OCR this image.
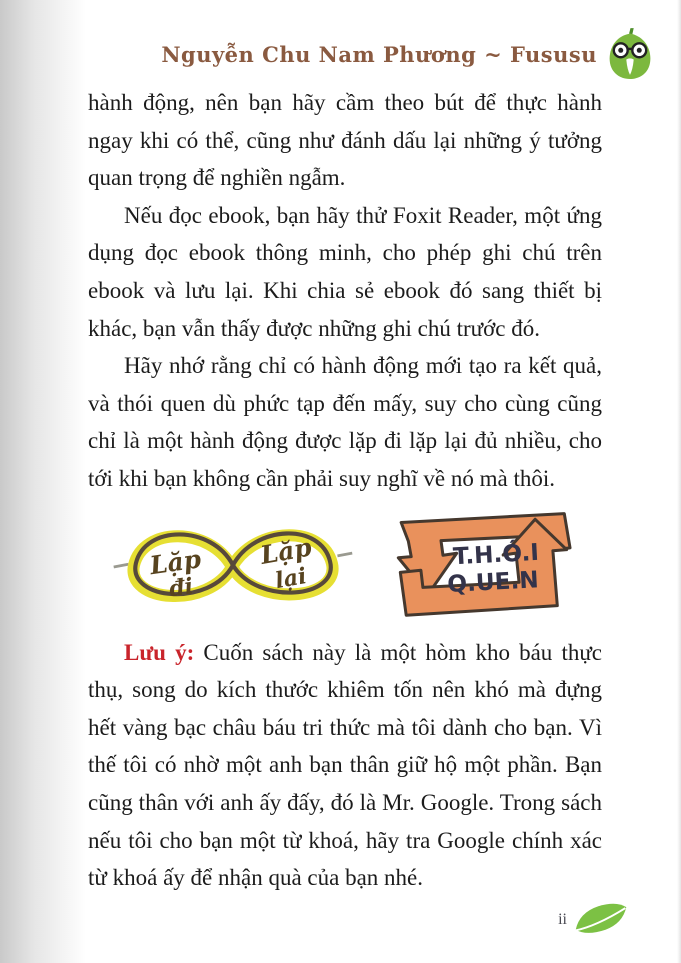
Nguyễn Chu Nam Phương ~ Fususu

hành động, nên bạn hãy cầm theo bút để thực hành ngay khi có thể, cũng như đánh dấu lại những ý tưởng quan trọng để nghiền ngẫm.

Nếu đọc ebook, bạn hãy thử Foxit Reader, một ứng dụng đọc ebook thông minh, cho phép ghi chú trên ebook và lưu lại. Khi chia sẻ ebook đó sang thiết bị khác, bạn vẫn thấy được những ghi chú trước đó.

Hãy nhớ rằng chỉ có hành động mới tạo ra kết quả, và thói quen dù phức tạp đến mấy, suy cho cùng cũng chỉ là một hành động được lặp đi lặp lại đủ nhiều, cho tới khi bạn không cần phải suy nghĩ về nó mà thôi.

Lặp
đi
Lặp
lại
T.H.Ó.I
Q.UE.N

Lưu ý: Cuốn sách này là một hòm kho báu thực thụ, song do kích thước khiêm tốn nên khó mà đựng hết vàng bạc châu báu tri thức mà tôi dành cho bạn. Vì thế tôi có nhờ một anh bạn thân giữ hộ một phần. Bạn cũng thân với anh ấy đấy, đó là Mr. Google. Trong sách nếu tôi cho bạn một từ khoá, hãy tra Google chính xác từ khoá ấy để nhận quà của bạn nhé.

ii
